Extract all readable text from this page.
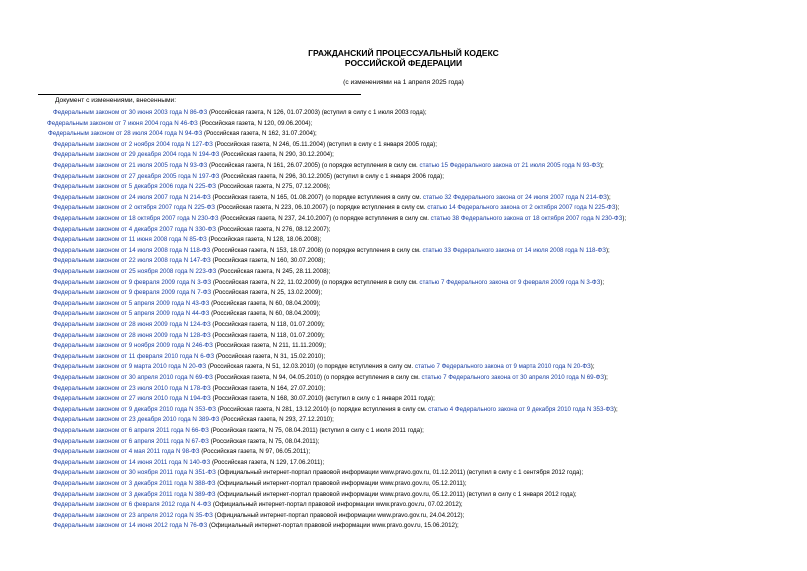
ГРАЖДАНСКИЙ ПРОЦЕССУАЛЬНЫЙ КОДЕКС
РОССИЙСКОЙ ФЕДЕРАЦИИ
(с изменениями на 1 апреля 2025 года)
Документ с изменениями, внесенными:
Федеральным законом от 30 июня 2003 года N 86-ФЗ (Российская газета, N 126, 01.07.2003) (вступил в силу с 1 июля 2003 года);
Федеральным законом от 7 июня 2004 года N 46-ФЗ (Российская газета, N 120, 09.06.2004);
Федеральным законом от 28 июля 2004 года N 94-ФЗ (Российская газета, N 162, 31.07.2004);
Федеральным законом от 2 ноября 2004 года N 127-ФЗ (Российская газета, N 246, 05.11.2004) (вступил в силу с 1 января 2005 года);
Федеральным законом от 29 декабря 2004 года N 194-ФЗ (Российская газета, N 290, 30.12.2004);
Федеральным законом от 21 июля 2005 года N 93-ФЗ (Российская газета, N 161, 26.07.2005) (о порядке вступления в силу см. статью 15 Федерального закона от 21 июля 2005 года N 93-ФЗ);
Федеральным законом от 27 декабря 2005 года N 197-ФЗ (Российская газета, N 296, 30.12.2005) (вступил в силу с 1 января 2006 года);
Федеральным законом от 5 декабря 2006 года N 225-ФЗ (Российская газета, N 275, 07.12.2006);
Федеральным законом от 24 июля 2007 года N 214-ФЗ (Российская газета, N 165, 01.08.2007) (о порядке вступления в силу см. статью 32 Федерального закона от 24 июля 2007 года N 214-ФЗ);
Федеральным законом от 2 октября 2007 года N 225-ФЗ (Российская газета, N 223, 06.10.2007) (о порядке вступления в силу см. статью 14 Федерального закона от 2 октября 2007 года N 225-ФЗ);
Федеральным законом от 18 октября 2007 года N 230-ФЗ (Российская газета, N 237, 24.10.2007) (о порядке вступления в силу см. статью 38 Федерального закона от 18 октября 2007 года N 230-ФЗ);
Федеральным законом от 4 декабря 2007 года N 330-ФЗ (Российская газета, N 276, 08.12.2007);
Федеральным законом от 11 июня 2008 года N 85-ФЗ (Российская газета, N 128, 18.06.2008);
Федеральным законом от 14 июля 2008 года N 118-ФЗ (Российская газета, N 153, 18.07.2008) (о порядке вступления в силу см. статью 33 Федерального закона от 14 июля 2008 года N 118-ФЗ);
Федеральным законом от 22 июля 2008 года N 147-ФЗ (Российская газета, N 160, 30.07.2008);
Федеральным законом от 25 ноября 2008 года N 223-ФЗ (Российская газета, N 245, 28.11.2008);
Федеральным законом от 9 февраля 2009 года N 3-ФЗ (Российская газета, N 22, 11.02.2009) (о порядке вступления в силу см. статью 7 Федерального закона от 9 февраля 2009 года N 3-ФЗ);
Федеральным законом от 9 февраля 2009 года N 7-ФЗ (Российская газета, N 25, 13.02.2009);
Федеральным законом от 5 апреля 2009 года N 43-ФЗ (Российская газета, N 60, 08.04.2009);
Федеральным законом от 5 апреля 2009 года N 44-ФЗ (Российская газета, N 60, 08.04.2009);
Федеральным законом от 28 июня 2009 года N 124-ФЗ (Российская газета, N 118, 01.07.2009);
Федеральным законом от 28 июня 2009 года N 128-ФЗ (Российская газета, N 118, 01.07.2009);
Федеральным законом от 9 ноября 2009 года N 246-ФЗ (Российская газета, N 211, 11.11.2009);
Федеральным законом от 11 февраля 2010 года N 6-ФЗ (Российская газета, N 31, 15.02.2010);
Федеральным законом от 9 марта 2010 года N 20-ФЗ (Российская газета, N 51, 12.03.2010) (о порядке вступления в силу см. статью 7 Федерального закона от 9 марта 2010 года N 20-ФЗ);
Федеральным законом от 30 апреля 2010 года N 69-ФЗ (Российская газета, N 94, 04.05.2010) (о порядке вступления в силу см. статью 7 Федерального закона от 30 апреля 2010 года N 69-ФЗ);
Федеральным законом от 23 июля 2010 года N 178-ФЗ (Российская газета, N 164, 27.07.2010);
Федеральным законом от 27 июля 2010 года N 194-ФЗ (Российская газета, N 168, 30.07.2010) (вступил в силу с 1 января 2011 года);
Федеральным законом от 9 декабря 2010 года N 353-ФЗ (Российская газета, N 281, 13.12.2010) (о порядке вступления в силу см. статью 4 Федерального закона от 9 декабря 2010 года N 353-ФЗ);
Федеральным законом от 23 декабря 2010 года N 389-ФЗ (Российская газета, N 293, 27.12.2010);
Федеральным законом от 6 апреля 2011 года N 66-ФЗ (Российская газета, N 75, 08.04.2011) (вступил в силу с 1 июля 2011 года);
Федеральным законом от 6 апреля 2011 года N 67-ФЗ (Российская газета, N 75, 08.04.2011);
Федеральным законом от 4 мая 2011 года N 98-ФЗ (Российская газета, N 97, 06.05.2011);
Федеральным законом от 14 июня 2011 года N 140-ФЗ (Российская газета, N 129, 17.06.2011);
Федеральным законом от 30 ноября 2011 года N 351-ФЗ (Официальный интернет-портал правовой информации www.pravo.gov.ru, 01.12.2011) (вступил в силу с 1 сентября 2012 года);
Федеральным законом от 3 декабря 2011 года N 388-ФЗ (Официальный интернет-портал правовой информации www.pravo.gov.ru, 05.12.2011);
Федеральным законом от 3 декабря 2011 года N 389-ФЗ (Официальный интернет-портал правовой информации www.pravo.gov.ru, 05.12.2011) (вступил в силу с 1 января 2012 года);
Федеральным законом от 6 февраля 2012 года N 4-ФЗ (Официальный интернет-портал правовой информации www.pravo.gov.ru, 07.02.2012);
Федеральным законом от 23 апреля 2012 года N 35-ФЗ (Официальный интернет-портал правовой информации www.pravo.gov.ru, 24.04.2012);
Федеральным законом от 14 июня 2012 года N 76-ФЗ (Официальный интернет-портал правовой информации www.pravo.gov.ru, 15.06.2012);
